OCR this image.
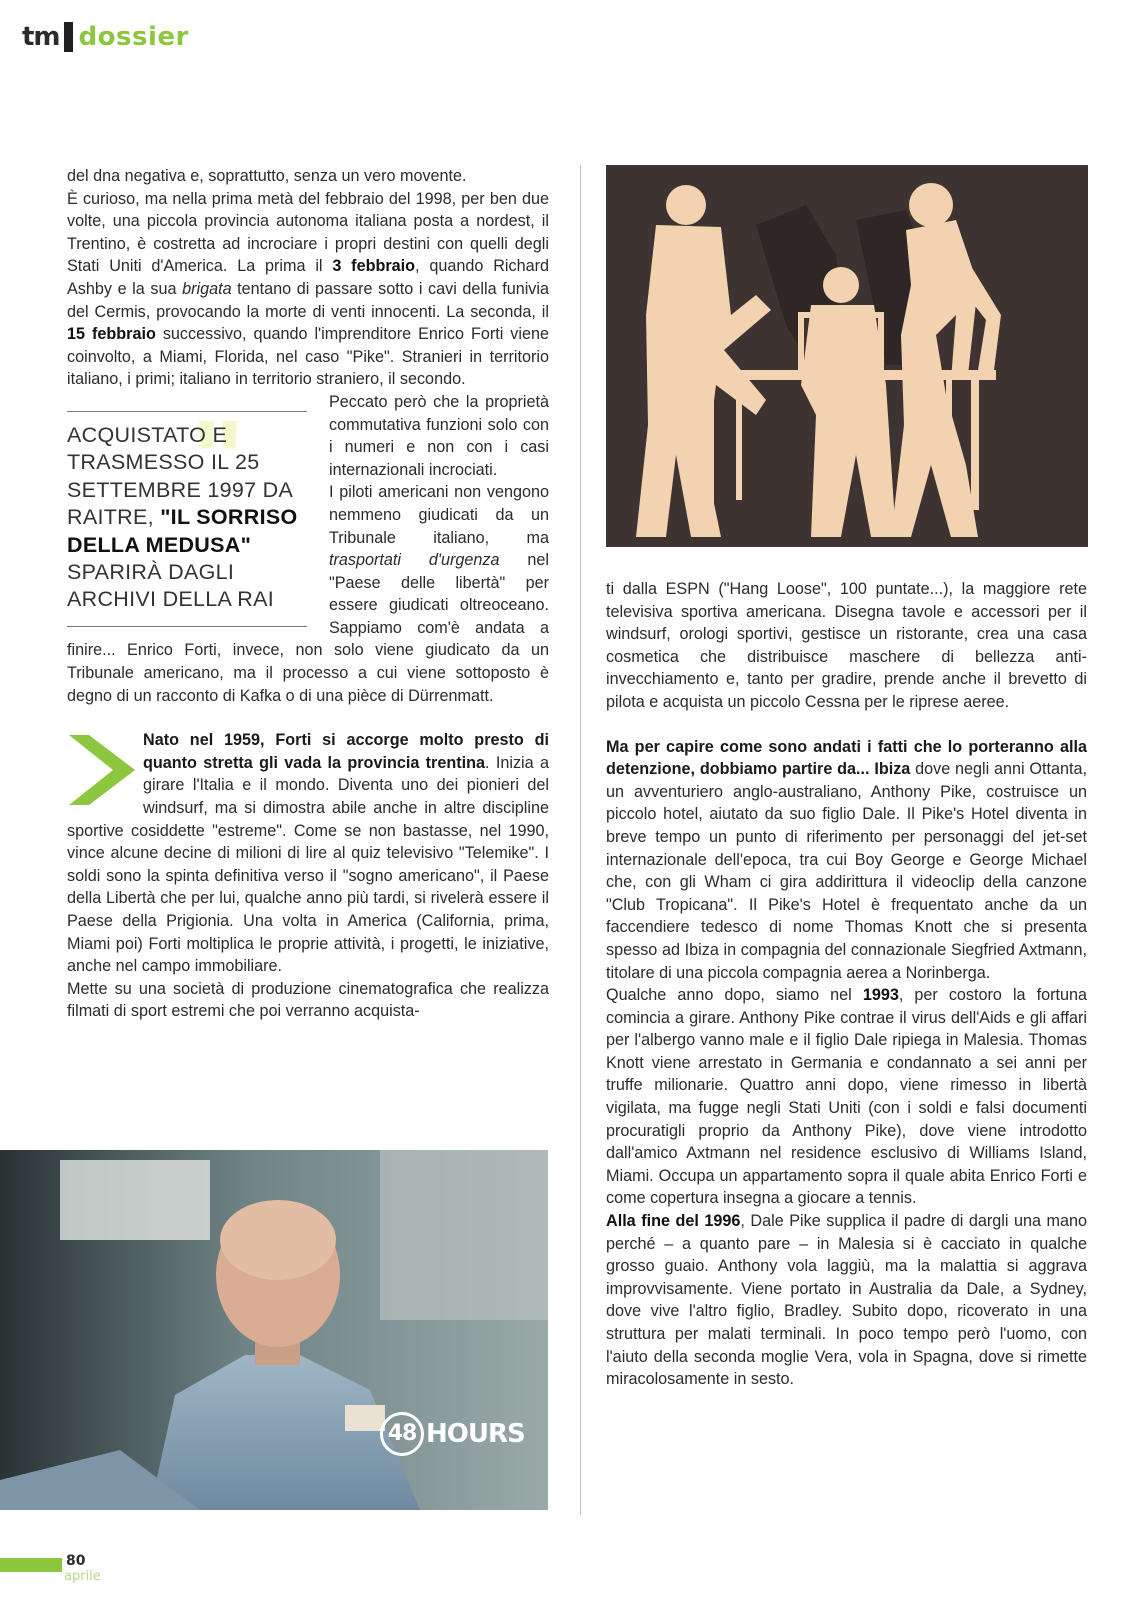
tm dossier

del dna negativa e, soprattutto, senza un vero movente.

È curioso, ma nella prima metà del febbraio del 1998, per ben due volte, una piccola provincia autonoma italiana posta a nordest, il Trentino, è costretta ad incrociare i propri destini con quelli degli Stati Uniti d'America. La prima il 3 febbraio, quando Richard Ashby e la sua brigata tentano di passare sotto i cavi della funivia del Cermis, provocando la morte di venti innocenti. La seconda, il 15 febbraio successivo, quando l'imprenditore Enrico Forti viene coinvolto, a Miami, Florida, nel caso "Pike". Stranieri in territorio italiano, i primi; italiano in territorio straniero, il secondo.

"
ACQUISTATO E TRASMESSO IL 25 SETTEMBRE 1997 DA RAITRE, "IL SORRISO DELLA MEDUSA" SPARIRÀ DAGLI ARCHIVI DELLA RAI

Peccato però che la proprietà commutativa funzioni solo con i numeri e non con i casi internazionali incrociati.

I piloti americani non vengono nemmeno giudicati da un Tribunale italiano, ma trasportati d'urgenza nel "Paese delle libertà" per essere giudicati oltreoceano. Sappiamo com'è andata a finire... Enrico Forti, invece, non solo viene giudicato da un Tribunale americano, ma il processo a cui viene sottoposto è degno di un racconto di Kafka o di una pièce di Dürrenmatt.

Nato nel 1959, Forti si accorge molto presto di quanto stretta gli vada la provincia trentina. Inizia a girare l'Italia e il mondo. Diventa uno dei pionieri del windsurf, ma si dimostra abile anche in altre discipline sportive cosiddette "estreme". Come se non bastasse, nel 1990, vince alcune decine di milioni di lire al quiz televisivo "Telemike". I soldi sono la spinta definitiva verso il "sogno americano", il Paese della Libertà che per lui, qualche anno più tardi, si rivelerà essere il Paese della Prigionia. Una volta in America (California, prima, Miami poi) Forti moltiplica le proprie attività, i progetti, le iniziative, anche nel campo immobiliare.

Mette su una società di produzione cinematografica che realizza filmati di sport estremi che poi verranno acquista-

ti dalla ESPN ("Hang Loose", 100 puntate...), la maggiore rete televisiva sportiva americana. Disegna tavole e accessori per il windsurf, orologi sportivi, gestisce un ristorante, crea una casa cosmetica che distribuisce maschere di bellezza anti-invecchiamento e, tanto per gradire, prende anche il brevetto di pilota e acquista un piccolo Cessna per le riprese aeree.

Ma per capire come sono andati i fatti che lo porteranno alla detenzione, dobbiamo partire da... Ibiza dove negli anni Ottanta, un avventuriero anglo-australiano, Anthony Pike, costruisce un piccolo hotel, aiutato da suo figlio Dale. Il Pike's Hotel diventa in breve tempo un punto di riferimento per personaggi del jet-set internazionale dell'epoca, tra cui Boy George e George Michael che, con gli Wham ci gira addirittura il videoclip della canzone "Club Tropicana". Il Pike's Hotel è frequentato anche da un faccendiere tedesco di nome Thomas Knott che si presenta spesso ad Ibiza in compagnia del connazionale Siegfried Axtmann, titolare di una piccola compagnia aerea a Norinberga.

Qualche anno dopo, siamo nel 1993, per costoro la fortuna comincia a girare. Anthony Pike contrae il virus dell'Aids e gli affari per l'albergo vanno male e il figlio Dale ripiega in Malesia. Thomas Knott viene arrestato in Germania e condannato a sei anni per truffe milionarie. Quattro anni dopo, viene rimesso in libertà vigilata, ma fugge negli Stati Uniti (con i soldi e falsi documenti procuratigli proprio da Anthony Pike), dove viene introdotto dall'amico Axtmann nel residence esclusivo di Williams Island, Miami. Occupa un appartamento sopra il quale abita Enrico Forti e come copertura insegna a giocare a tennis.

Alla fine del 1996, Dale Pike supplica il padre di dargli una mano perché – a quanto pare – in Malesia si è cacciato in qualche grosso guaio. Anthony vola laggiù, ma la malattia si aggrava improvvisamente. Viene portato in Australia da Dale, a Sydney, dove vive l'altro figlio, Bradley. Subito dopo, ricoverato in una struttura per malati terminali. In poco tempo però l'uomo, con l'aiuto della seconda moglie Vera, vola in Spagna, dove si rimette miracolosamente in sesto.

48 HOURS
80
aprile
